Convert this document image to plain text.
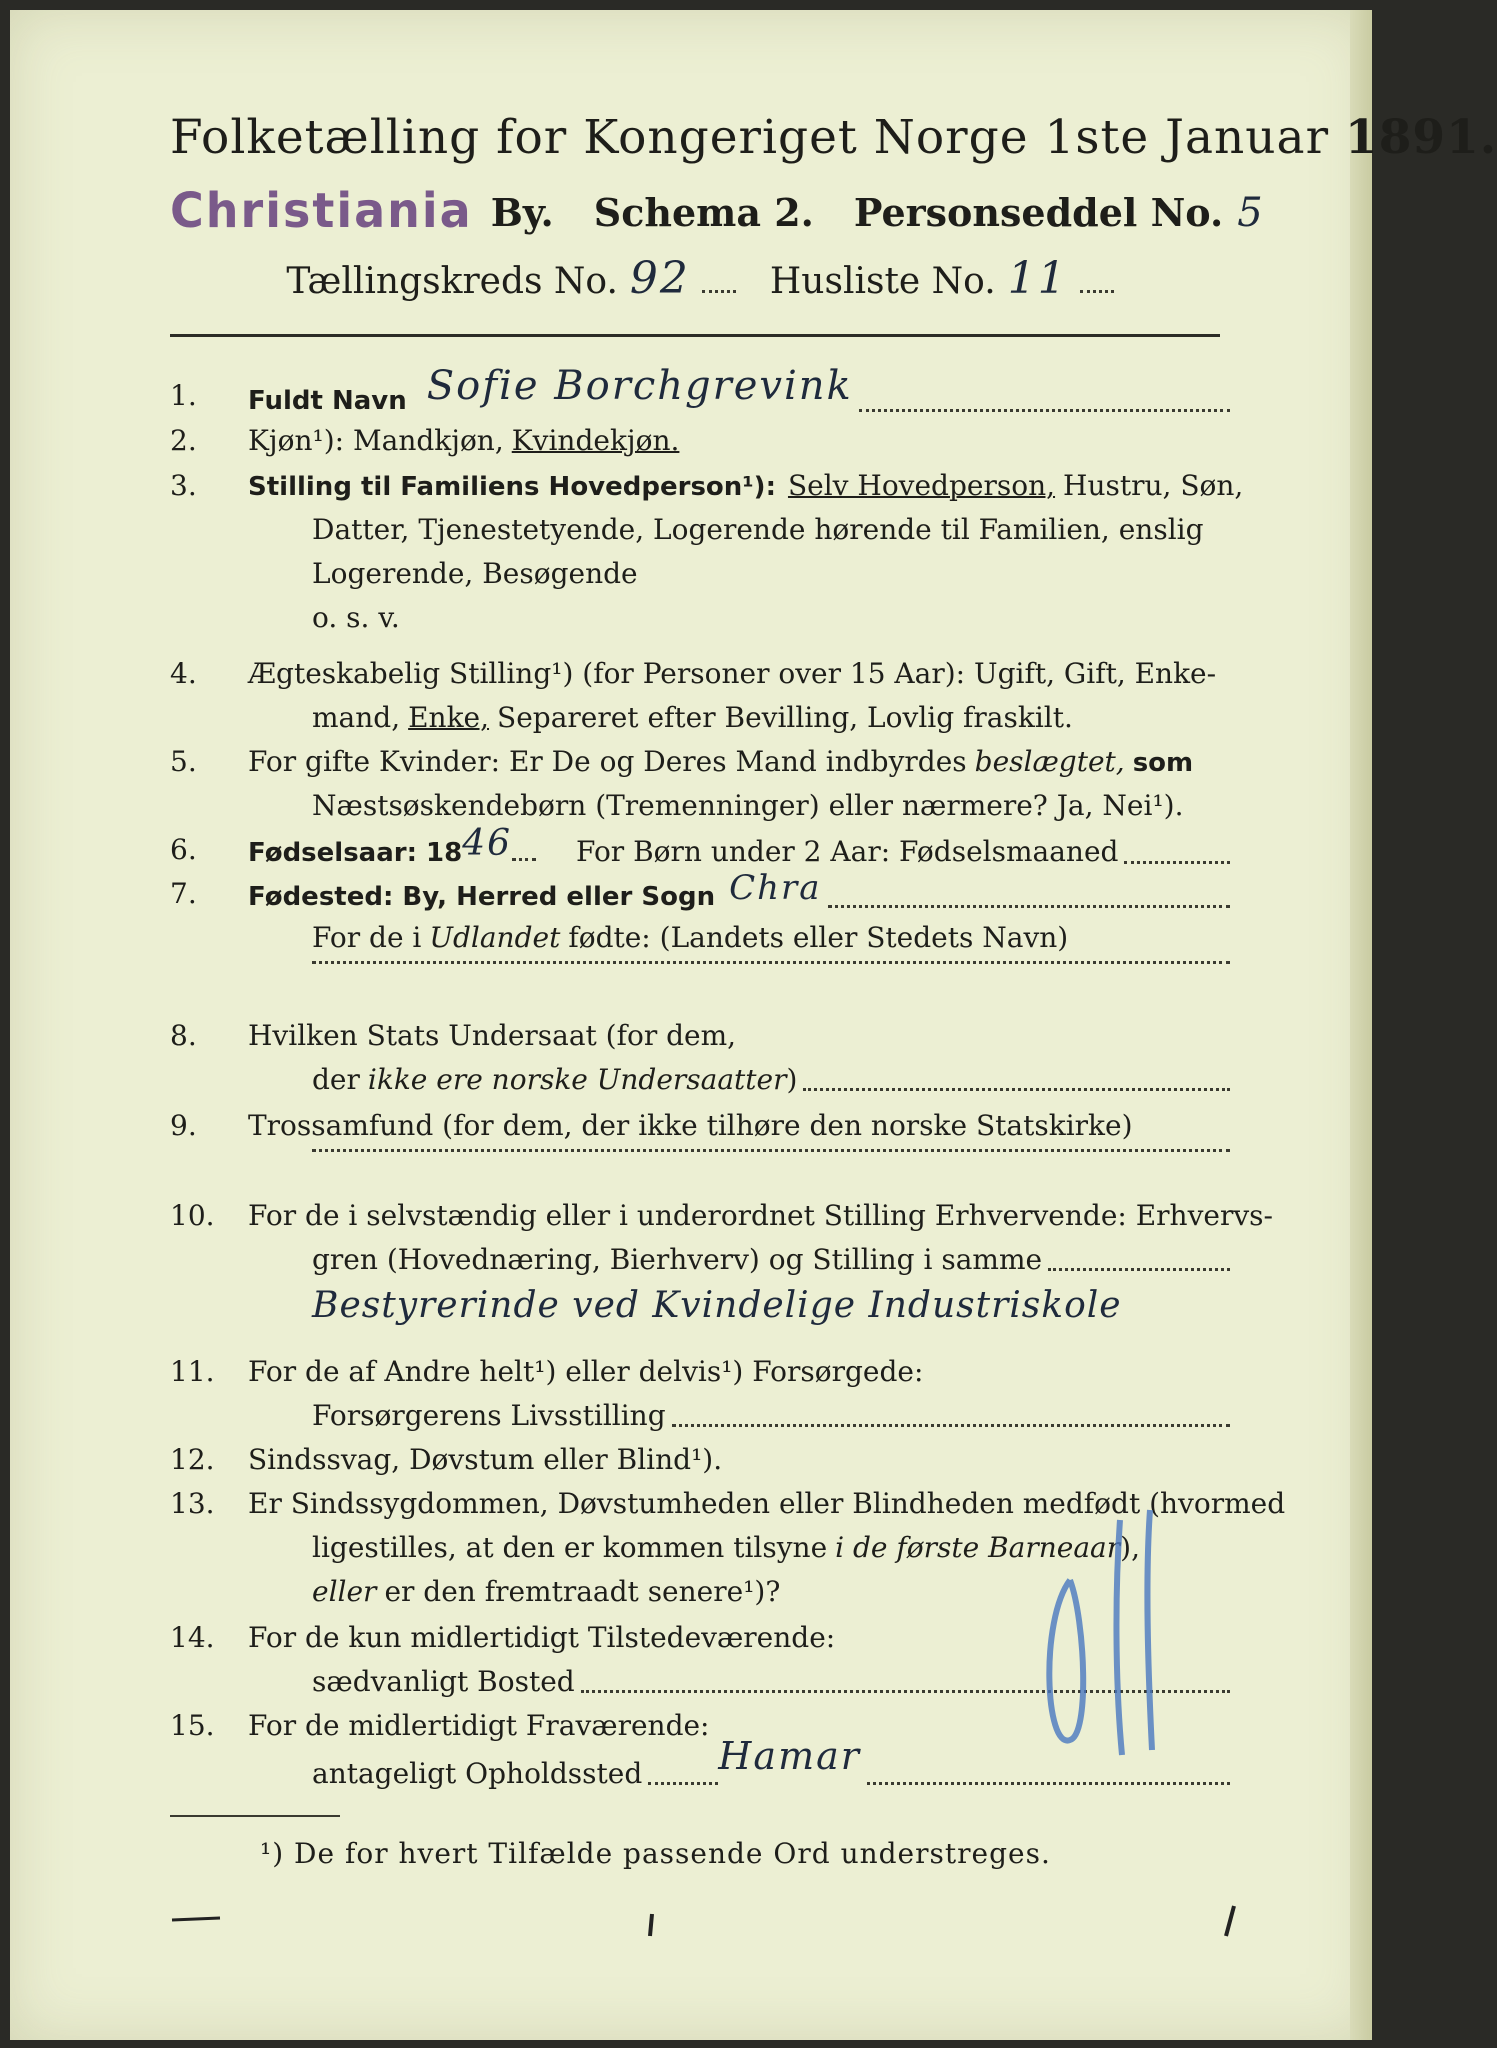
Folketælling for Kongeriget Norge 1ste Januar 1891.
Christiania By. Schema 2. Personseddel No. 5
Tællingskreds No. 92 Husliste No. 11
1.	Fuldt Navn Sofie Borchgrevink
2.	Kjøn¹): Mandkjøn, Kvindekjøn.
3.	Stilling til Familiens Hovedperson¹): Selv Hovedperson, Hustru, Søn,
Datter, Tjenestetyende, Logerende hørende til Familien, enslig
Logerende, Besøgende
o. s. v.
4.	Ægteskabelig Stilling¹) (for Personer over 15 Aar): Ugift, Gift, Enke-
mand, Enke, Separeret efter Bevilling, Lovlig fraskilt.
5.	For gifte Kvinder: Er De og Deres Mand indbyrdes beslægtet, som
Næstsøskendebørn (Tremenninger) eller nærmere? Ja, Nei¹).
6.	Fødselsaar: 18 46 For Børn under 2 Aar: Fødselsmaaned
7.	Fødested: By, Herred eller Sogn Chra
For de i Udlandet fødte: (Landets eller Stedets Navn)
8.	Hvilken Stats Undersaat (for dem,
der ikke ere norske Undersaatter )
9.	Trossamfund (for dem, der ikke tilhøre den norske Statskirke)
10.	For de i selvstændig eller i underordnet Stilling Erhvervende: Erhvervs-
gren (Hovednæring, Bierhverv) og Stilling i samme
Bestyrerinde ved Kvindelige Industriskole
11.	For de af Andre helt¹) eller delvis¹) Forsørgede:
Forsørgerens Livsstilling
12.	Sindssvag, Døvstum eller Blind¹).
13.	Er Sindssygdommen, Døvstumheden eller Blindheden medfødt (hvormed
ligestilles, at den er kommen tilsyne i de første Barneaar ),
eller er den fremtraadt senere¹)?
14.	For de kun midlertidigt Tilstedeværende:
sædvanligt Bosted
15.	For de midlertidigt Fraværende:
antageligt Opholdssted Hamar
¹) De for hvert Tilfælde passende Ord understreges.
